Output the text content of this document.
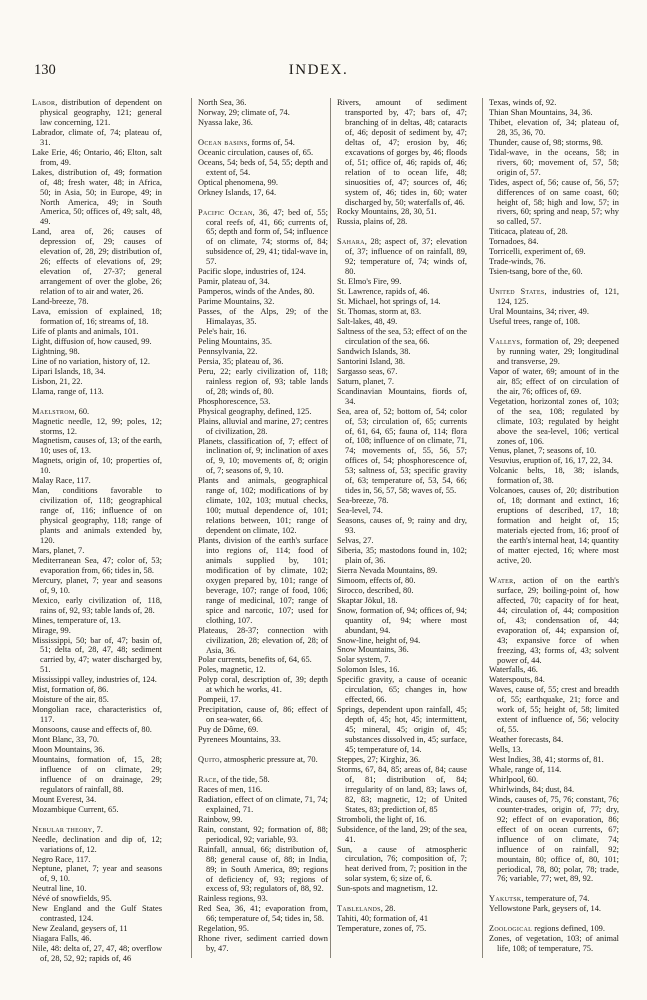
130	INDEX.

Labor, distribution of dependent on physical geography, 121; general law concerning, 121.

Labrador, climate of, 74; plateau of, 31.

Lake Erie, 46; Ontario, 46; Elton, salt from, 49.

Lakes, distribution of, 49; formation of, 48; fresh water, 48; in Africa, 50; in Asia, 50; in Europe, 49; in North America, 49; in South America, 50; offices of, 49; salt, 48, 49.

Land, area of, 26; causes of depression of, 29; causes of elevation of, 28, 29; distribution of, 26; effects of elevations of, 29; elevation of, 27-37; general arrangement of over the globe, 26; relation of to air and water, 26.

Land-breeze, 78.

Lava, emission of explained, 18; formation of, 16; streams of, 18.

Life of plants and animals, 101.

Light, diffusion of, how caused, 99.

Lightning, 98.

Line of no variation, history of, 12.

Lipari Islands, 18, 34.

Lisbon, 21, 22.

Llama, range of, 113.

Maelstrom, 60.

Magnetic needle, 12, 99; poles, 12; storms, 12.

Magnetism, causes of, 13; of the earth, 10; uses of, 13.

Magnets, origin of, 10; properties of, 10.

Malay Race, 117.

Man, conditions favorable to civilization of, 118; geographical range of, 116; influence of on physical geography, 118; range of plants and animals extended by, 120.

Mars, planet, 7.

Mediterranean Sea, 47; color of, 53; evaporation from, 66; tides in, 58.

Mercury, planet, 7; year and seasons of, 9, 10.

Mexico, early civilization of, 118, rains of, 92, 93; table lands of, 28.

Mines, temperature of, 13.

Mirage, 99.

Mississippi, 50; bar of, 47; basin of, 51; delta of, 28, 47, 48; sediment carried by, 47; water discharged by, 51.

Mississippi valley, industries of, 124.

Mist, formation of, 86.

Moisture of the air, 85.

Mongolian race, characteristics of, 117.

Monsoons, cause and effects of, 80.

Mont Blanc, 33, 70.

Moon Mountains, 36.

Mountains, formation of, 15, 28; influence of on climate, 29; influence of on drainage, 29; regulators of rainfall, 88.

Mount Everest, 34.

Mozambique Current, 65.

Nebular theory, 7.

Needle, declination and dip of, 12; variations of, 12.

Negro Race, 117.

Neptune, planet, 7; year and seasons of, 9, 10.

Neutral line, 10.

Névé of snowfields, 95.

New England and the Gulf States contrasted, 124.

New Zealand, geysers of, 11

Niagara Falls, 46.

Nile, 48: delta of, 27, 47, 48; overflow of, 28, 52, 92; rapids of, 46

North Sea, 36.

Norway, 29; climate of, 74.

Nyassa lake, 36.

Ocean basins, forms of, 54.

Oceanic circulation, causes of, 65.

Oceans, 54; beds of, 54, 55; depth and extent of, 54.

Optical phenomena, 99.

Orkney Islands, 17, 64.

Pacific Ocean, 36, 47; bed of, 55; coral reefs of, 41, 66; currents of, 65; depth and form of, 54; influence of on climate, 74; storms of, 84; subsidence of, 29, 41; tidal-wave in, 57.

Pacific slope, industries of, 124.

Pamir, plateau of, 34.

Pamperos, winds of the Andes, 80.

Parime Mountains, 32.

Passes, of the Alps, 29; of the Himalayas, 35.

Pele's hair, 16.

Peling Mountains, 35.

Pennsylvania, 22.

Persia, 35; plateau of, 36.

Peru, 22; early civilization of, 118; rainless region of, 93; table lands of, 28; winds of, 80.

Phosphorescence, 53.

Physical geography, defined, 125.

Plains, alluvial and marine, 27; centres of civilization, 28.

Planets, classification of, 7; effect of inclination of, 9; inclination of axes of, 9, 10; movements of, 8; origin of, 7; seasons of, 9, 10.

Plants and animals, geographical range of, 102; modifications of by climate, 102, 103; mutual checks, 100; mutual dependence of, 101; relations between, 101; range of dependent on climate, 102.

Plants, division of the earth's surface into regions of, 114; food of animals supplied by, 101; modification of by climate, 102; oxygen prepared by, 101; range of beverage, 107; range of food, 106; range of medicinal, 107; range of spice and narcotic, 107; used for clothing, 107.

Plateaus, 28-37; connection with civilization, 28; elevation of, 28; of Asia, 36.

Polar currents, benefits of, 64, 65.

Poles, magnetic, 12.

Polyp coral, description of, 39; depth at which he works, 41.

Pompeii, 17.

Precipitation, cause of, 86; effect of on sea-water, 66.

Puy de Dôme, 69.

Pyrenees Mountains, 33.

Quito, atmospheric pressure at, 70.

Race, of the tide, 58.

Races of men, 116.

Radiation, effect of on climate, 71, 74; explained, 71.

Rainbow, 99.

Rain, constant, 92; formation of, 88; periodical, 92; variable, 93.

Rainfall, annual, 66; distribution of, 88; general cause of, 88; in India, 89; in South America, 89; regions of deficiency of, 93; regions of excess of, 93; regulators of, 88, 92.

Rainless regions, 93.

Red Sea, 36, 41; evaporation from, 66; temperature of, 54; tides in, 58.

Regelation, 95.

Rhone river, sediment carried down by, 47.

Rivers, amount of sediment transported by, 47; bars of, 47; branching of in deltas, 48; cataracts of, 46; deposit of sediment by, 47; deltas of, 47; erosion by, 46; excavations of gorges by, 46; floods of, 51; office of, 46; rapids of, 46; relation of to ocean life, 48; sinuosities of, 47; sources of, 46; system of, 46; tides in, 60; water discharged by, 50; waterfalls of, 46.

Rocky Mountains, 28, 30, 51.

Russia, plains of, 28.

Sahara, 28; aspect of, 37; elevation of, 37; influence of on rainfall, 89, 92; temperature of, 74; winds of, 80.

St. Elmo's Fire, 99.

St. Lawrence, rapids of, 46.

St. Michael, hot springs of, 14.

St. Thomas, storm at, 83.

Salt-lakes, 48, 49.

Saltness of the sea, 53; effect of on the circulation of the sea, 66.

Sandwich Islands, 38.

Santorini Island, 38.

Sargasso seas, 67.

Saturn, planet, 7.

Scandinavian Mountains, fiords of, 34.

Sea, area of, 52; bottom of, 54; color of, 53; circulation of, 65; currents of, 61, 64, 65; fauna of, 114; flora of, 108; influence of on climate, 71, 74; movements of, 55, 56, 57; offices of, 54; phosphorescence of, 53; saltness of, 53; specific gravity of, 63; temperature of, 53, 54, 66; tides in, 56, 57, 58; waves of, 55.

Sea-breeze, 78.

Sea-level, 74.

Seasons, causes of, 9; rainy and dry, 93.

Selvas, 27.

Siberia, 35; mastodons found in, 102; plain of, 36.

Sierra Nevada Mountains, 89.

Simoom, effects of, 80.

Sirocco, described, 80.

Skaptar Jökul, 18.

Snow, formation of, 94; offices of, 94; quantity of, 94; where most abundant, 94.

Snow-line, height of, 94.

Snow Mountains, 36.

Solar system, 7.

Solomon Isles, 16.

Specific gravity, a cause of oceanic circulation, 65; changes in, how effected, 66.

Springs, dependent upon rainfall, 45; depth of, 45; hot, 45; intermittent, 45; mineral, 45; origin of, 45; substances dissolved in, 45; surface, 45; temperature of, 14.

Steppes, 27; Kirghiz, 36.

Storms, 67, 84, 85; areas of, 84; cause of, 81; distribution of, 84; irregularity of on land, 83; laws of, 82, 83; magnetic, 12; of United States, 83; prediction of, 85

Stromboli, the light of, 16.

Subsidence, of the land, 29; of the sea, 41.

Sun, a cause of atmospheric circulation, 76; composition of, 7; heat derived from, 7; position in the solar system, 6; size of, 6.

Sun-spots and magnetism, 12.

Tablelands, 28.

Tahiti, 40; formation of, 41

Temperature, zones of, 75.

Texas, winds of, 92.

Thian Shan Mountains, 34, 36.

Thibet, elevation of, 34; plateau of, 28, 35, 36, 70.

Thunder, cause of, 98; storms, 98.

Tidal-wave, in the oceans, 58; in rivers, 60; movement of, 57, 58; origin of, 57.

Tides, aspect of, 56; cause of, 56, 57; differences of on same coast, 60; height of, 58; high and low, 57; in rivers, 60; spring and neap, 57; why so called, 57.

Titicaca, plateau of, 28.

Tornadoes, 84.

Torricelli, experiment of, 69.

Trade-winds, 76.

Tsien-tsang, bore of the, 60.

United States, industries of, 121, 124, 125.

Ural Mountains, 34; river, 49.

Useful trees, range of, 108.

Valleys, formation of, 29; deepened by running water, 29; longitudinal and transverse, 29.

Vapor of water, 69; amount of in the air, 85; effect of on circulation of the air, 76; offices of, 69.

Vegetation, horizontal zones of, 103; of the sea, 108; regulated by climate, 103; regulated by height above the sea-level, 106; vertical zones of, 106.

Venus, planet, 7; seasons of, 10.

Vesuvius, eruption of, 16, 17, 22, 34.

Volcanic belts, 18, 38; islands, formation of, 38.

Volcanoes, causes of, 20; distribution of, 18; dormant and extinct, 16; eruptions of described, 17, 18; formation and height of, 15; materials ejected from, 16; proof of the earth's internal heat, 14; quantity of matter ejected, 16; where most active, 20.

Water, action of on the earth's surface, 29; boiling-point of, how affected, 70; capacity of for heat, 44; circulation of, 44; composition of, 43; condensation of, 44; evaporation of, 44; expansion of, 43; expansive force of when freezing, 43; forms of, 43; solvent power of, 44.

Waterfalls, 46.

Waterspouts, 84.

Waves, cause of, 55; crest and breadth of, 55; earthquake, 21; force and work of, 55; height of, 58; limited extent of influence of, 56; velocity of, 55.

Weather forecasts, 84.

Wells, 13.

West Indies, 38, 41; storms of, 81.

Whale, range of, 114.

Whirlpool, 60.

Whirlwinds, 84; dust, 84.

Winds, causes of, 75, 76; constant, 76; counter-trades, origin of, 77; dry, 92; effect of on evaporation, 86; effect of on ocean currents, 67; influence of on climate, 74; influence of on rainfall, 92; mountain, 80; office of, 80, 101; periodical, 78, 80; polar, 78; trade, 76; variable, 77; wet, 89, 92.

Yakutsk, temperature of, 74.

Yellowstone Park, geysers of, 14.

Zoological regions defined, 109.

Zones, of vegetation, 103; of animal life, 108; of temperature, 75.
